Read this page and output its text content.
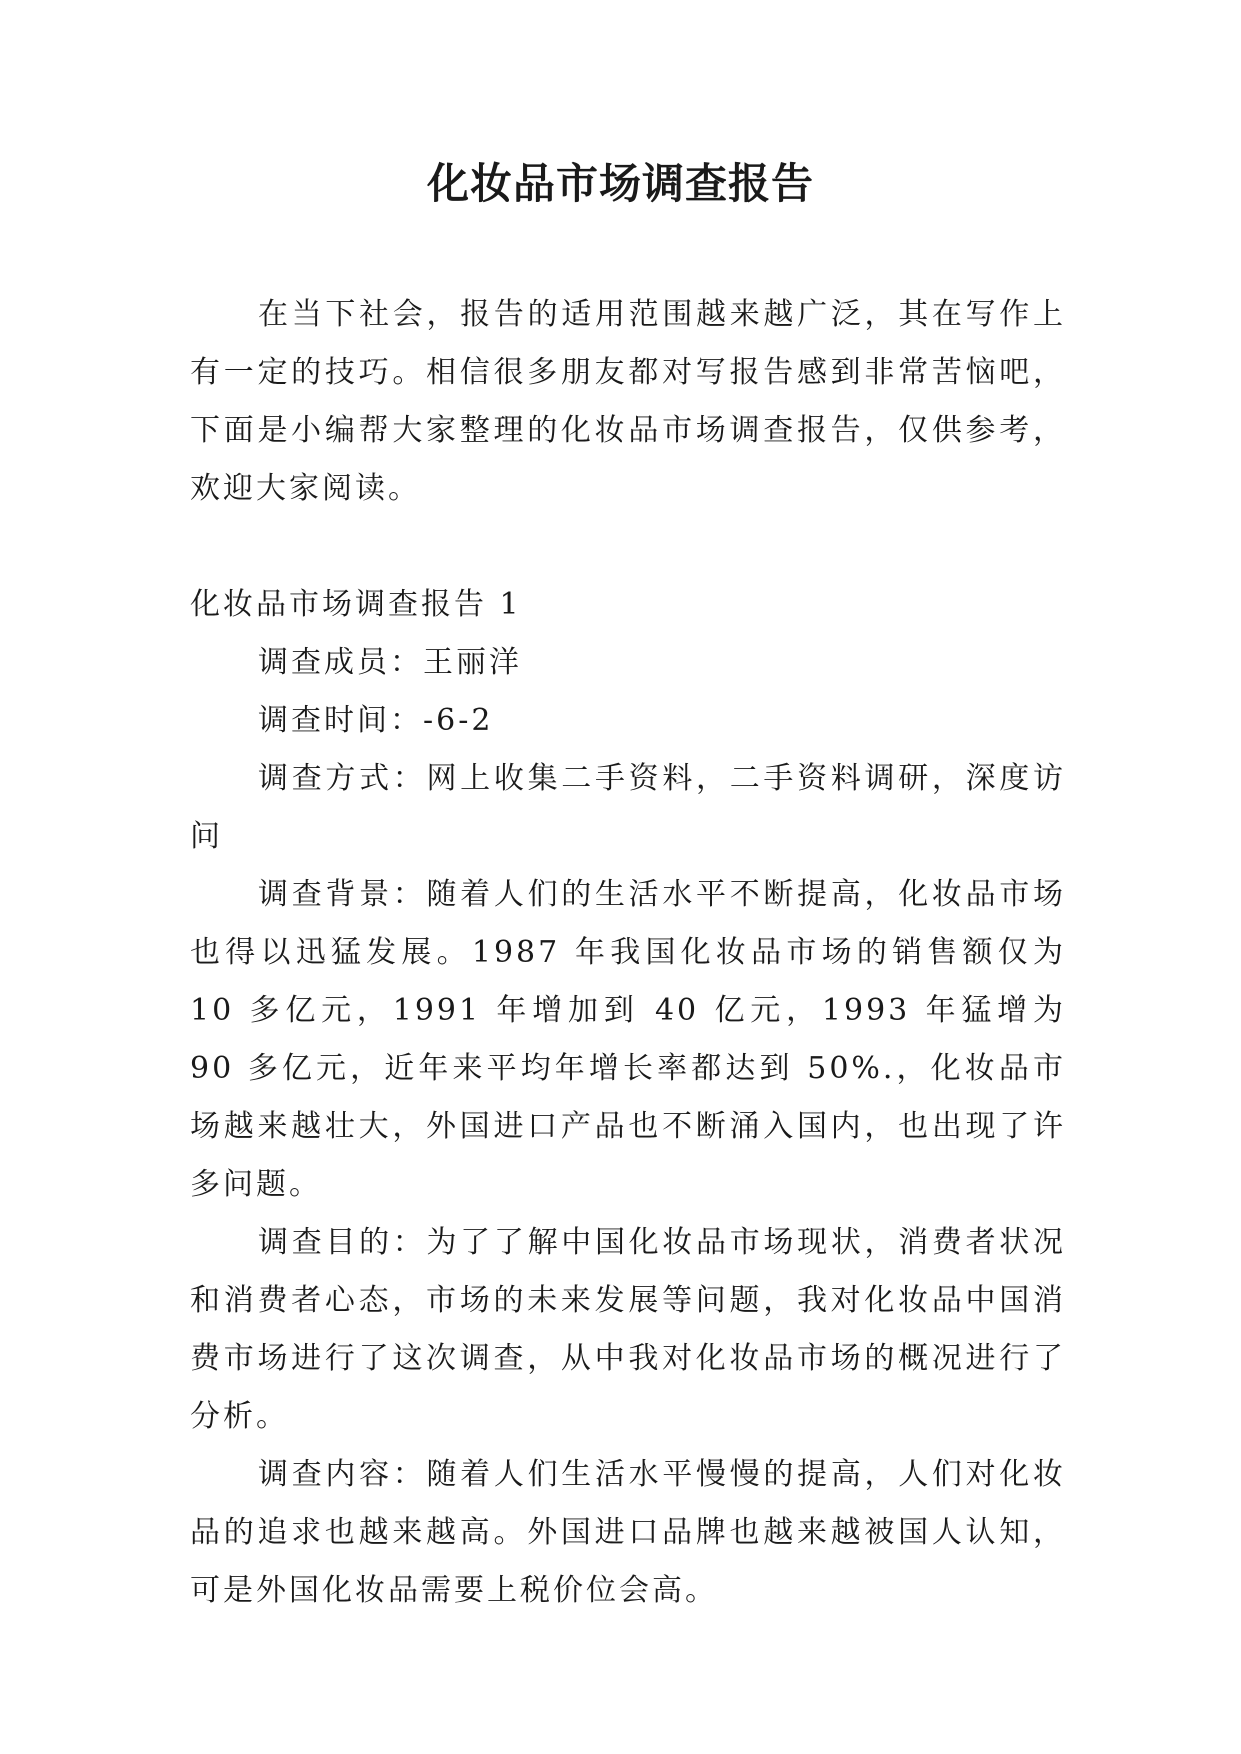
化妆品市场调查报告

在当下社会，报告的适用范围越来越广泛，其在写作上有一定的技巧。相信很多朋友都对写报告感到非常苦恼吧，下面是小编帮大家整理的化妆品市场调查报告，仅供参考，欢迎大家阅读。

化妆品市场调查报告 1

调查成员：王丽洋

调查时间：-6-2

调查方式：网上收集二手资料，二手资料调研，深度访问

调查背景：随着人们的生活水平不断提高，化妆品市场也得以迅猛发展。1987 年我国化妆品市场的销售额仅为 10 多亿元，1991 年增加到 40 亿元，1993 年猛增为 90 多亿元，近年来平均年增长率都达到 50%.，化妆品市场越来越壮大，外国进口产品也不断涌入国内，也出现了许多问题。

调查目的：为了了解中国化妆品市场现状，消费者状况和消费者心态，市场的未来发展等问题，我对化妆品中国消费市场进行了这次调查，从中我对化妆品市场的概况进行了分析。

调查内容：随着人们生活水平慢慢的提高，人们对化妆品的追求也越来越高。外国进口品牌也越来越被国人认知，可是外国化妆品需要上税价位会高。
